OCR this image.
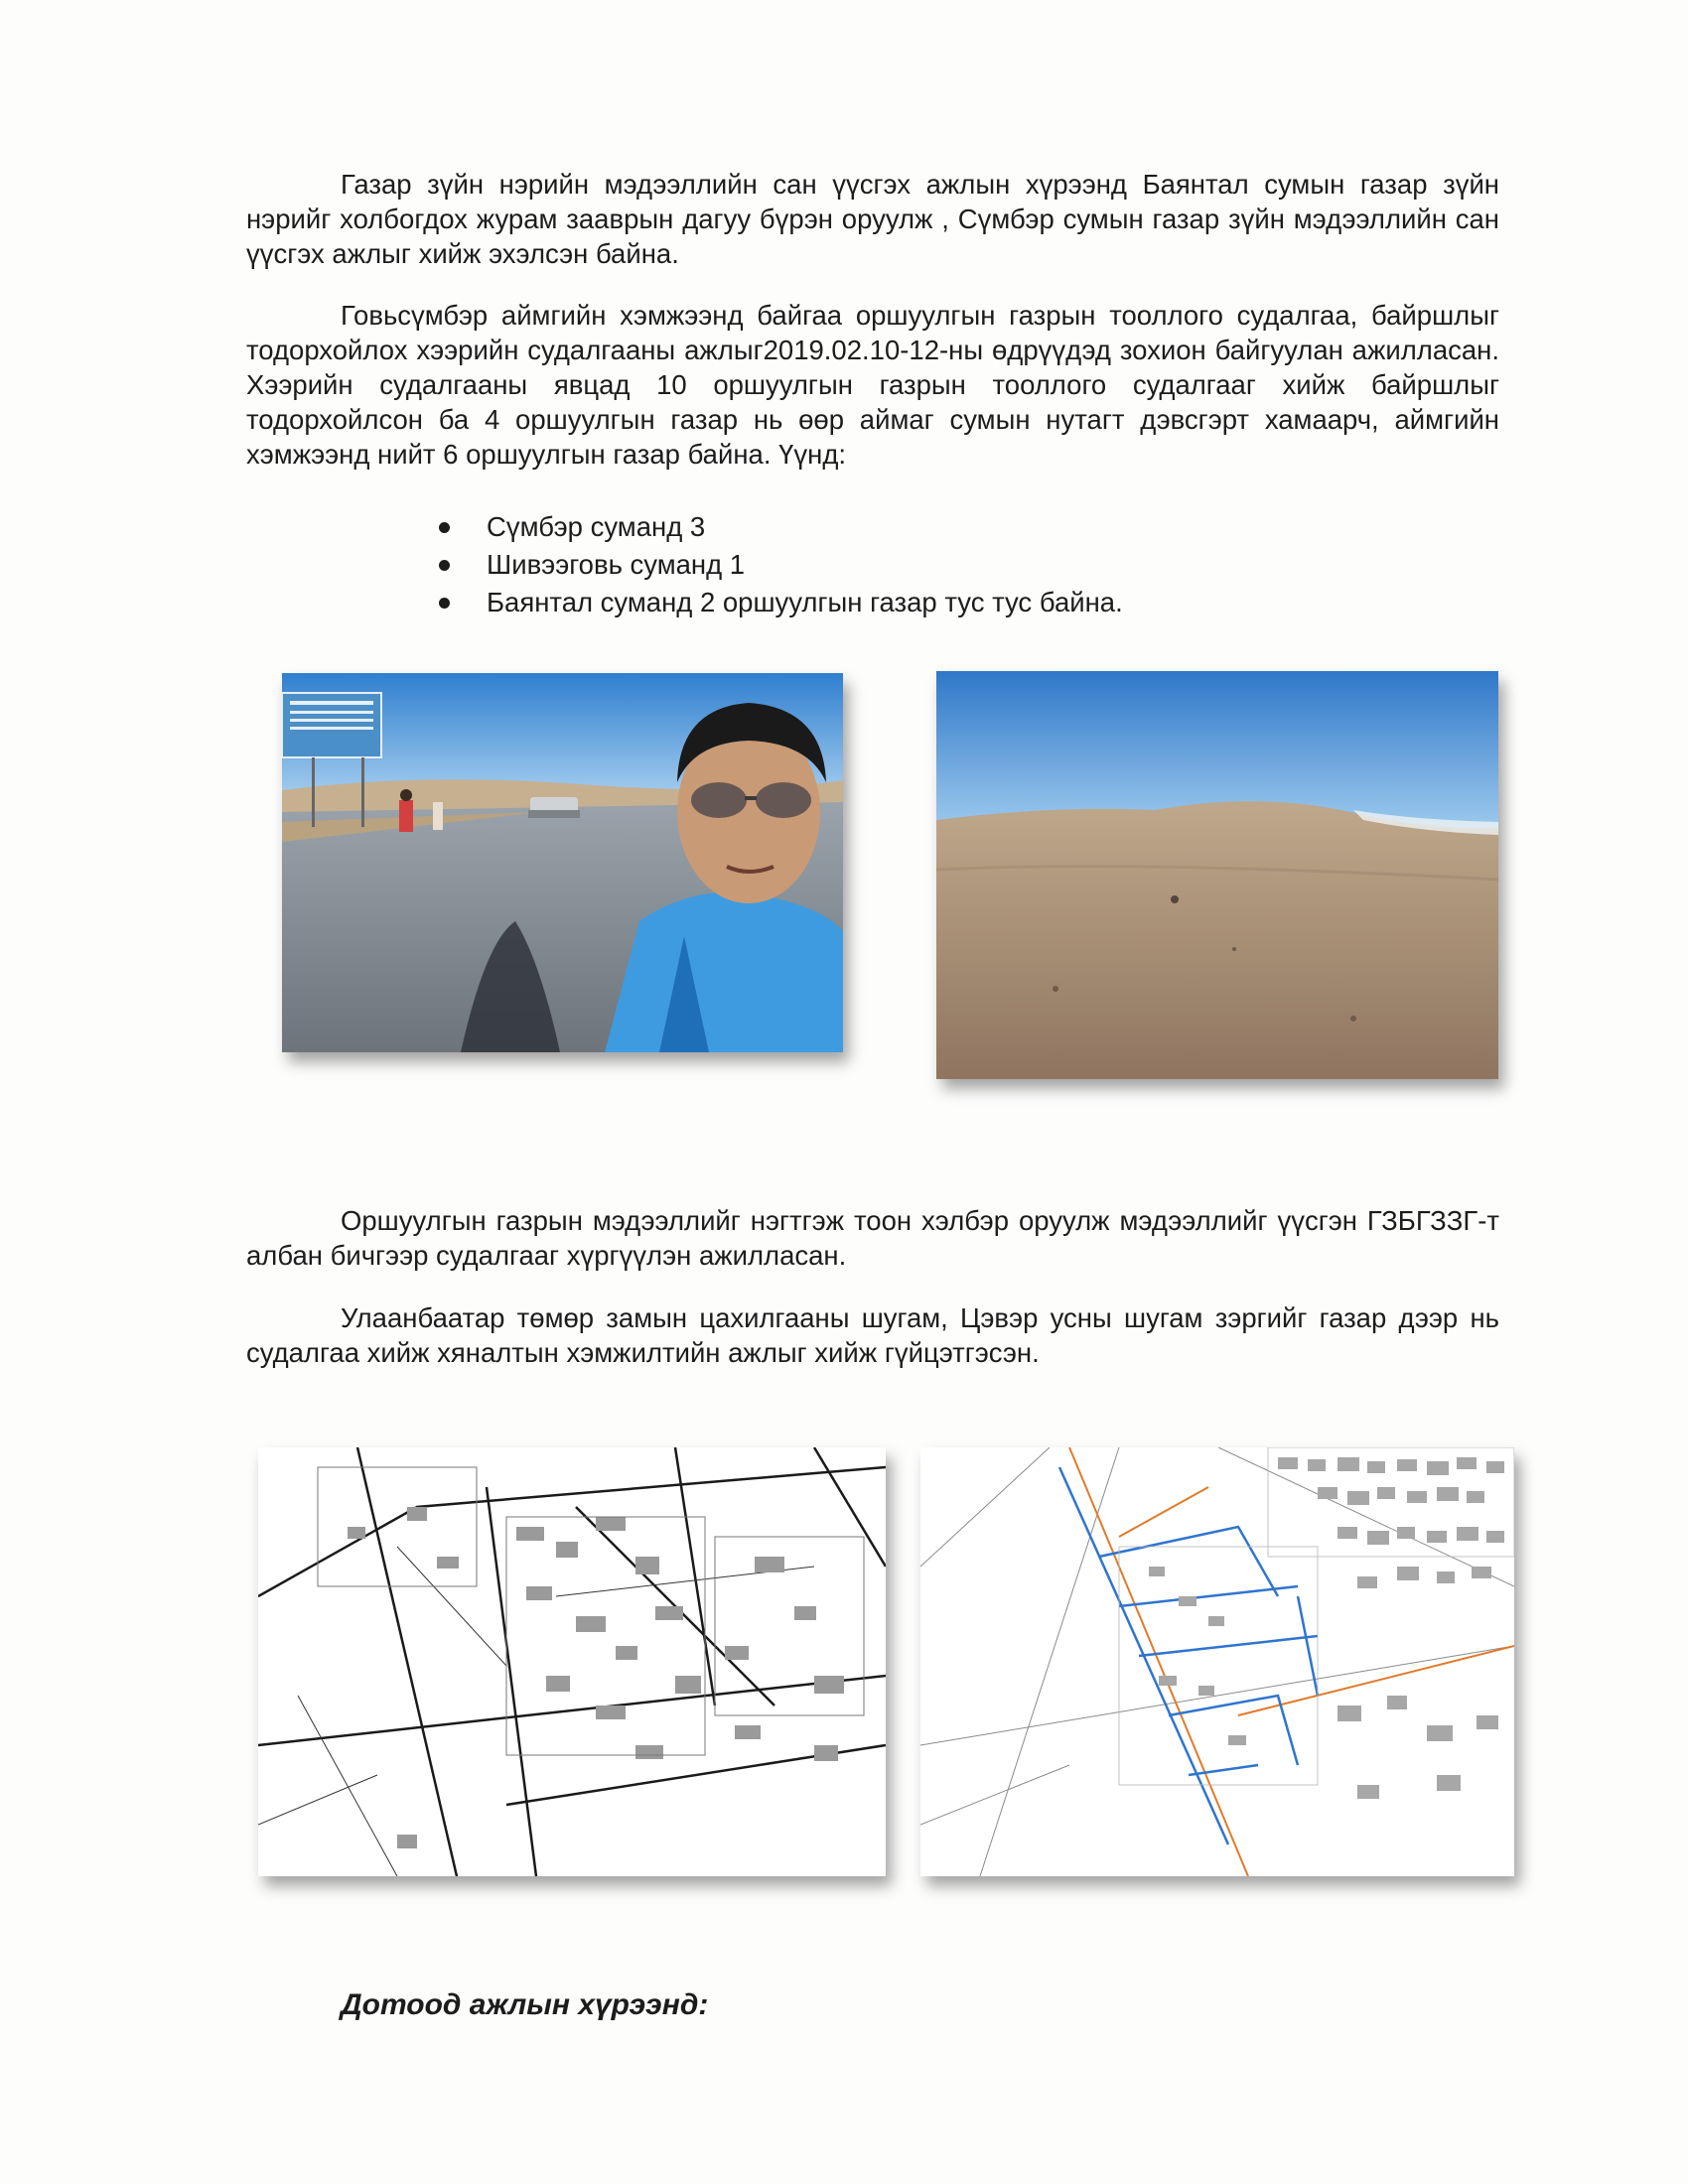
Газар зүйн нэрийн мэдээллийн сан үүсгэх ажлын хүрээнд Баянтал сумын газар зүйн нэрийг холбогдох журам зааврын дагуу бүрэн оруулж , Сүмбэр сумын газар зүйн мэдээллийн сан үүсгэх ажлыг хийж эхэлсэн байна.

Говьсүмбэр аймгийн хэмжээнд байгаа оршуулгын газрын тооллого судалгаа, байршлыг тодорхойлох хээрийн судалгааны ажлыг2019.02.10-12-ны өдрүүдэд зохион байгуулан ажилласан. Хээрийн судалгааны явцад 10 оршуулгын газрын тооллого судалгааг хийж байршлыг тодорхойлсон ба 4 оршуулгын газар нь өөр аймаг сумын нутагт дэвсгэрт хамаарч, аймгийн хэмжээнд нийт 6 оршуулгын газар байна. Үүнд:

Сүмбэр суманд 3
Шивээговь суманд 1
Баянтал суманд 2 оршуулгын газар тус тус байна.

Оршуулгын газрын мэдээллийг нэгтгэж тоон хэлбэр оруулж мэдээллийг үүсгэн ГЗБГЗЗГ-т албан бичгээр судалгааг хүргүүлэн ажилласан.

Улаанбаатар төмөр замын цахилгааны шугам, Цэвэр усны шугам зэргийг газар дээр нь судалгаа хийж хяналтын хэмжилтийн ажлыг хийж гүйцэтгэсэн.

Дотоод ажлын хүрээнд:
